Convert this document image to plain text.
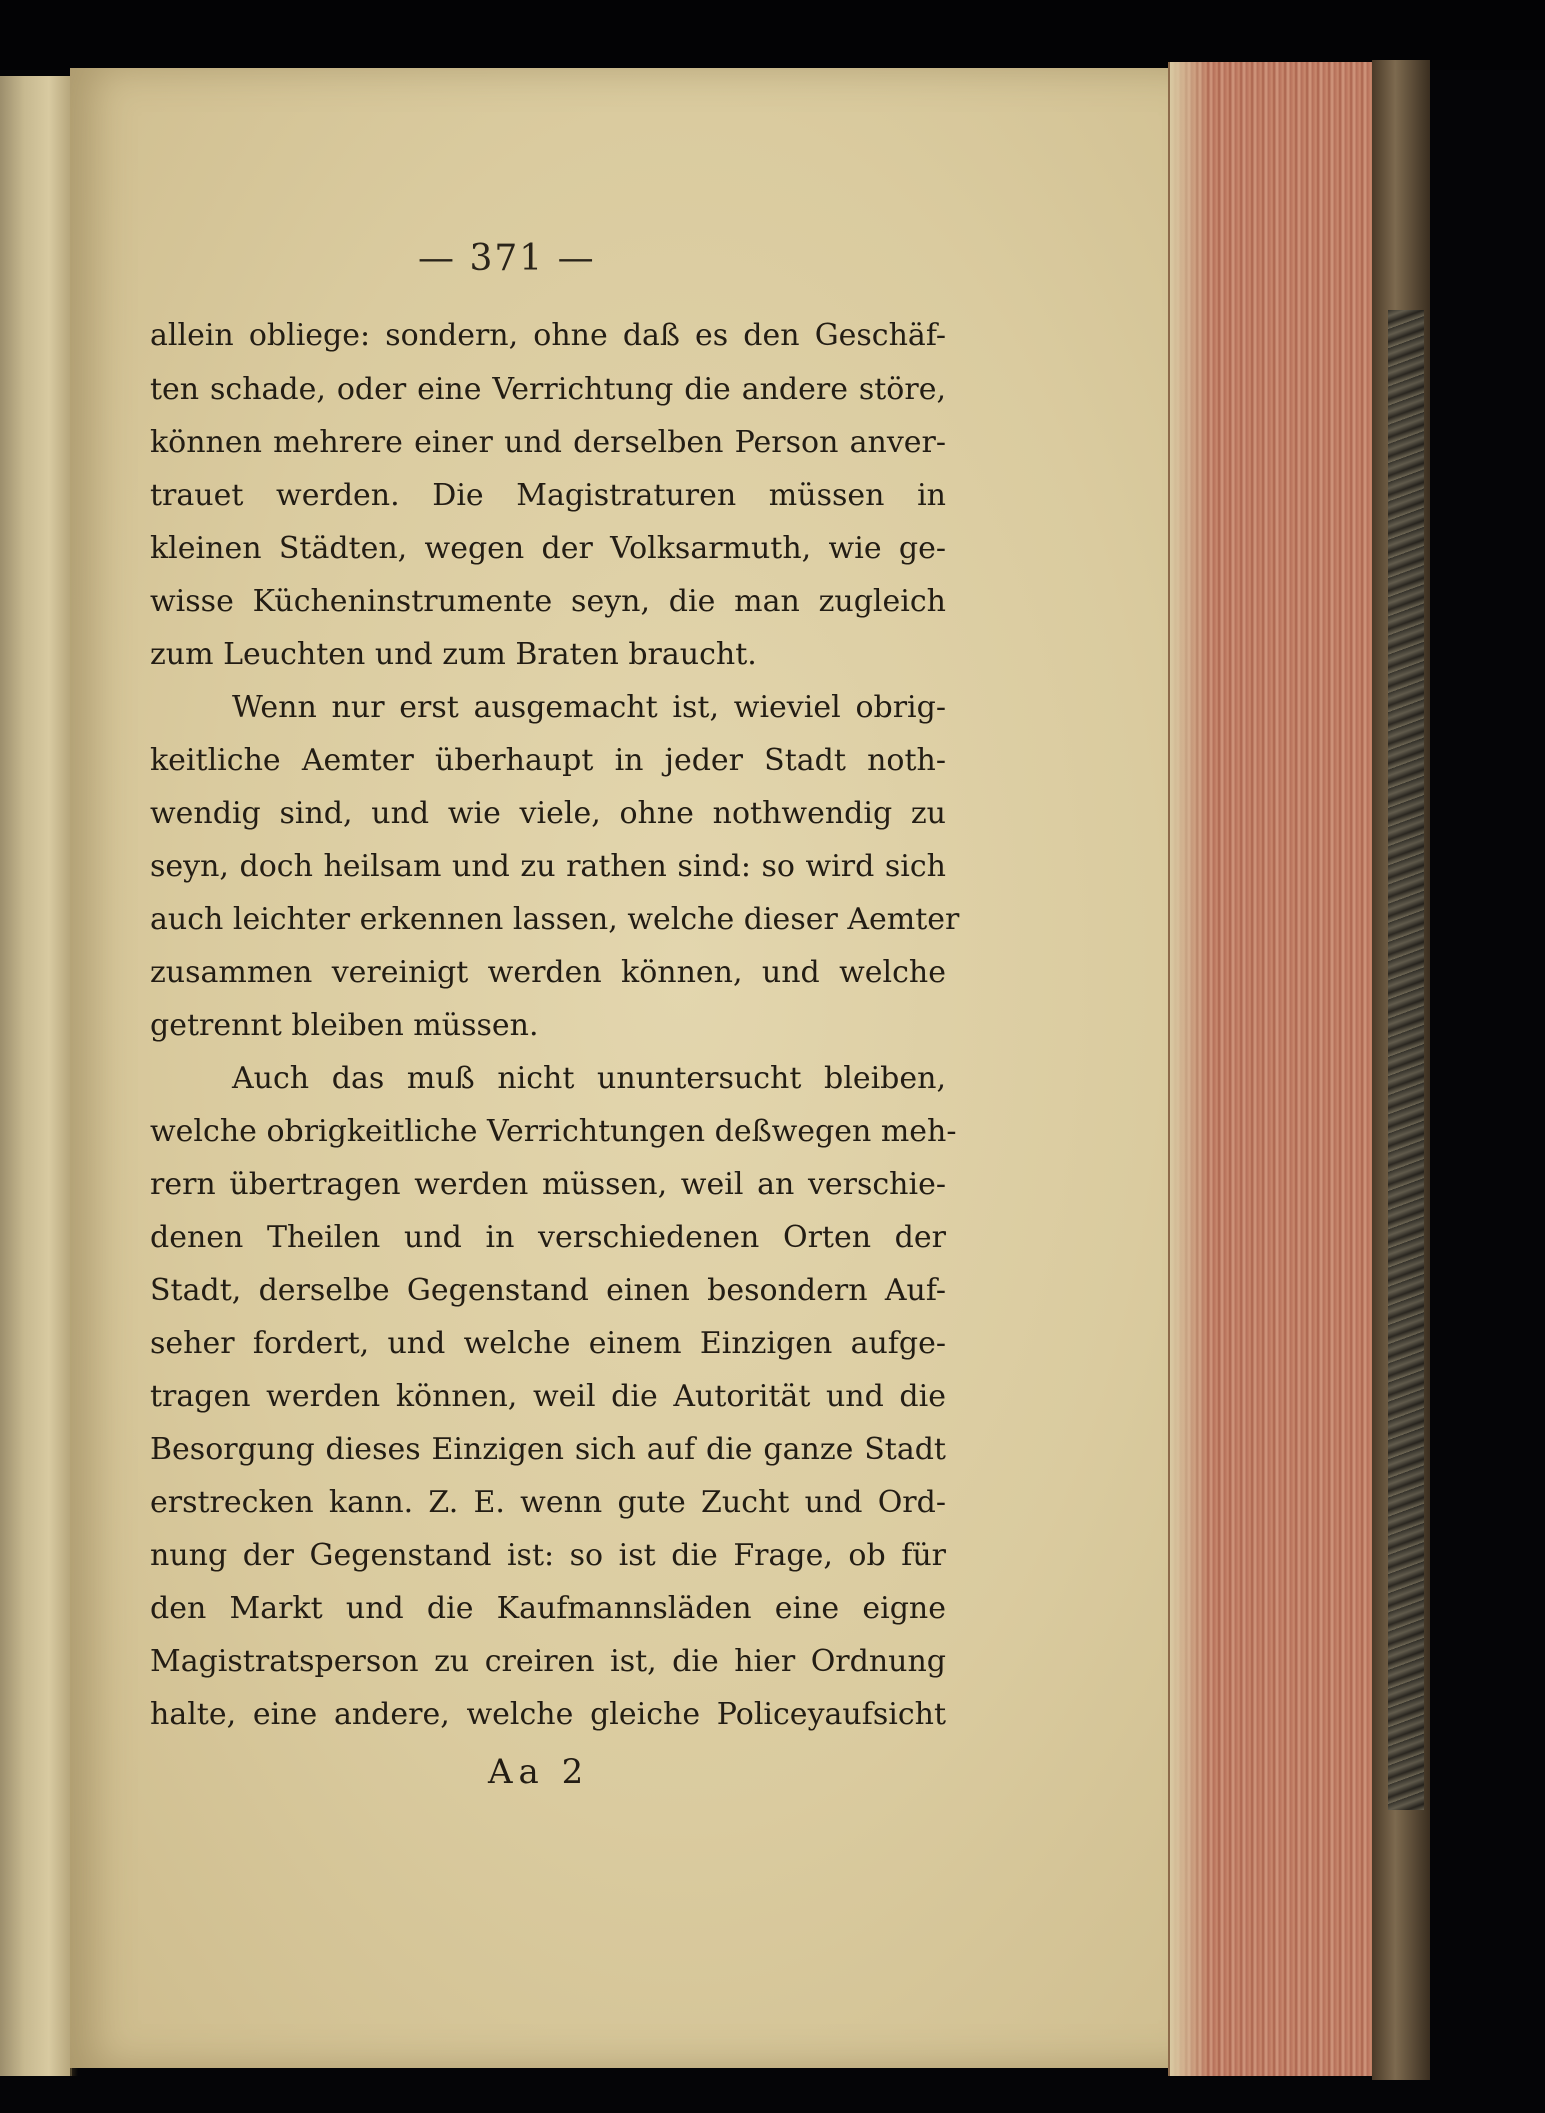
— 371 —
allein obliege: sondern, ohne daß es den Geschäf-
ten schade, oder eine Verrichtung die andere störe,
können mehrere einer und derselben Person anver-
trauet werden. Die Magistraturen müssen in
kleinen Städten, wegen der Volksarmuth, wie ge-
wisse Kücheninstrumente seyn, die man zugleich
zum Leuchten und zum Braten braucht.
Wenn nur erst ausgemacht ist, wieviel obrig-
keitliche Aemter überhaupt in jeder Stadt noth-
wendig sind, und wie viele, ohne nothwendig zu
seyn, doch heilsam und zu rathen sind: so wird sich
auch leichter erkennen lassen, welche dieser Aemter
zusammen vereinigt werden können, und welche
getrennt bleiben müssen.
Auch das muß nicht ununtersucht bleiben,
welche obrigkeitliche Verrichtungen deßwegen meh-
rern übertragen werden müssen, weil an verschie-
denen Theilen und in verschiedenen Orten der
Stadt, derselbe Gegenstand einen besondern Auf-
seher fordert, und welche einem Einzigen aufge-
tragen werden können, weil die Autorität und die
Besorgung dieses Einzigen sich auf die ganze Stadt
erstrecken kann. Z. E. wenn gute Zucht und Ord-
nung der Gegenstand ist: so ist die Frage, ob für
den Markt und die Kaufmannsläden eine eigne
Magistratsperson zu creiren ist, die hier Ordnung
halte, eine andere, welche gleiche Policeyaufsicht
Aa 2
